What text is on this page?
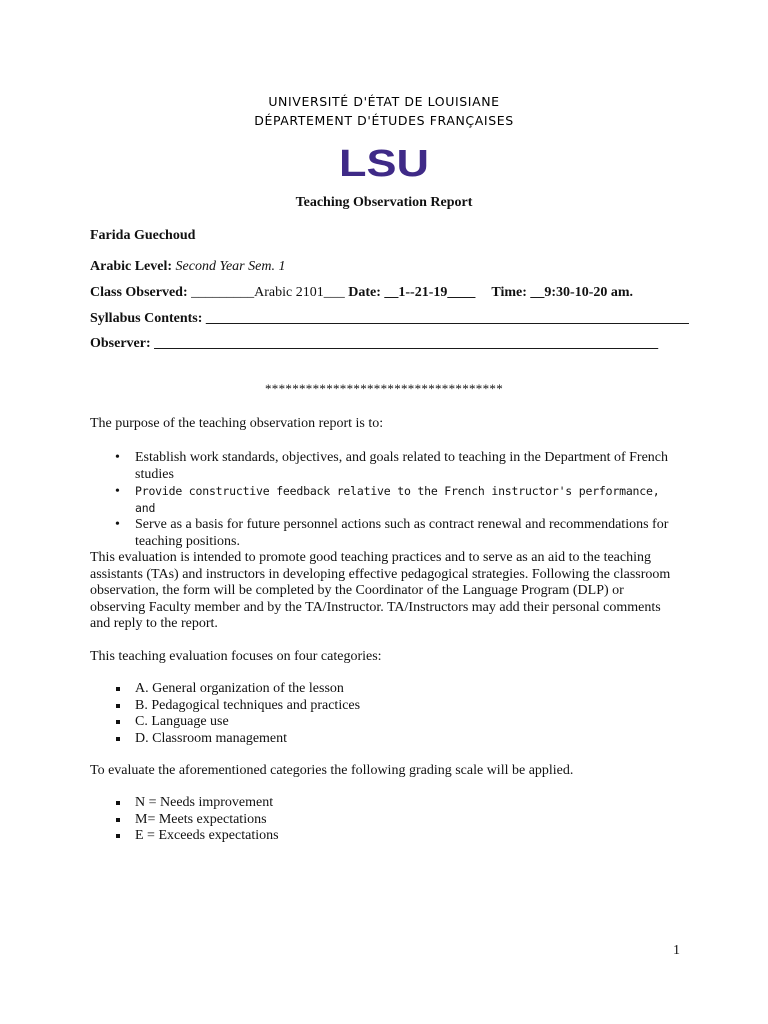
UNIVERSITÉ D'ÉTAT DE LOUISIANE
DÉPARTEMENT D'ÉTUDES FRANÇAISES
LSU
Teaching Observation Report
Farida Guechoud
Arabic Level: Second Year Sem. 1
Class Observed: _________Arabic 2101___ Date: __1--21-19____ Time: __9:30-10-20 am.
Syllabus Contents: _____________________________________________________________________
Observer: ________________________________________________________________________
***********************************
The purpose of the teaching observation report is to:
• Establish work standards, objectives, and goals related to teaching in the Department of French studies
• Provide constructive feedback relative to the French instructor's performance, and
• Serve as a basis for future personnel actions such as contract renewal and recommendations for teaching positions.
This evaluation is intended to promote good teaching practices and to serve as an aid to the teaching assistants (TAs) and instructors in developing effective pedagogical strategies. Following the classroom observation, the form will be completed by the Coordinator of the Language Program (DLP) or observing Faculty member and by the TA/Instructor. TA/Instructors may add their personal comments and reply to the report.
This teaching evaluation focuses on four categories:
A. General organization of the lesson
B. Pedagogical techniques and practices
C. Language use
D. Classroom management
To evaluate the aforementioned categories the following grading scale will be applied.
N = Needs improvement
M= Meets expectations
E = Exceeds expectations
1
